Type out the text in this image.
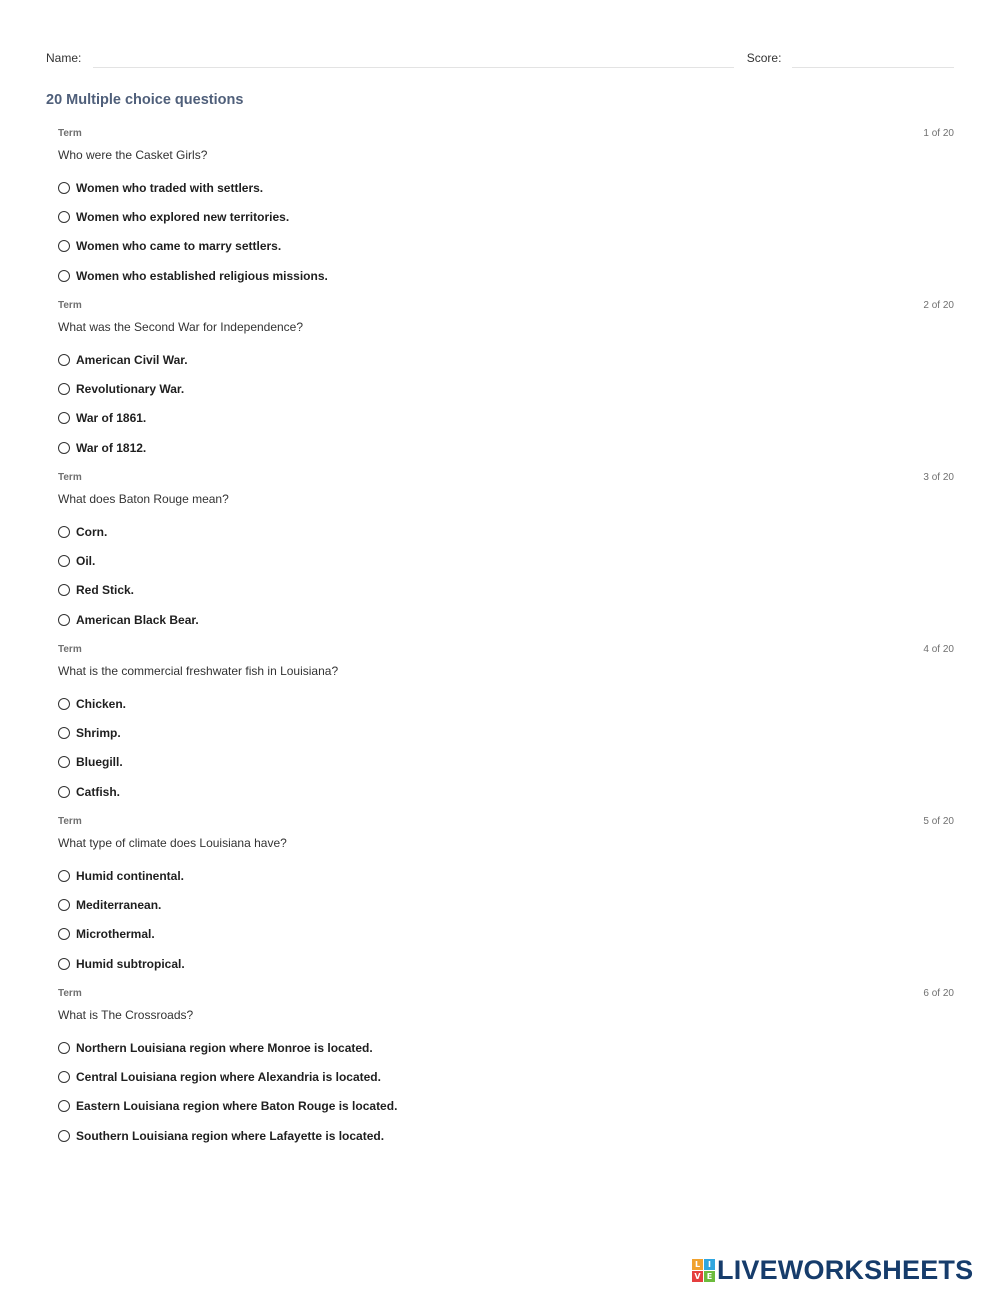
Name:	Score:
20 Multiple choice questions
Term	1 of 20
Who were the Casket Girls?
Women who traded with settlers.
Women who explored new territories.
Women who came to marry settlers.
Women who established religious missions.
Term	2 of 20
What was the Second War for Independence?
American Civil War.
Revolutionary War.
War of 1861.
War of 1812.
Term	3 of 20
What does Baton Rouge mean?
Corn.
Oil.
Red Stick.
American Black Bear.
Term	4 of 20
What is the commercial freshwater fish in Louisiana?
Chicken.
Shrimp.
Bluegill.
Catfish.
Term	5 of 20
What type of climate does Louisiana have?
Humid continental.
Mediterranean.
Microthermal.
Humid subtropical.
Term	6 of 20
What is The Crossroads?
Northern Louisiana region where Monroe is located.
Central Louisiana region where Alexandria is located.
Eastern Louisiana region where Baton Rouge is located.
Southern Louisiana region where Lafayette is located.
L I
V E LIVEWORKSHEETS
